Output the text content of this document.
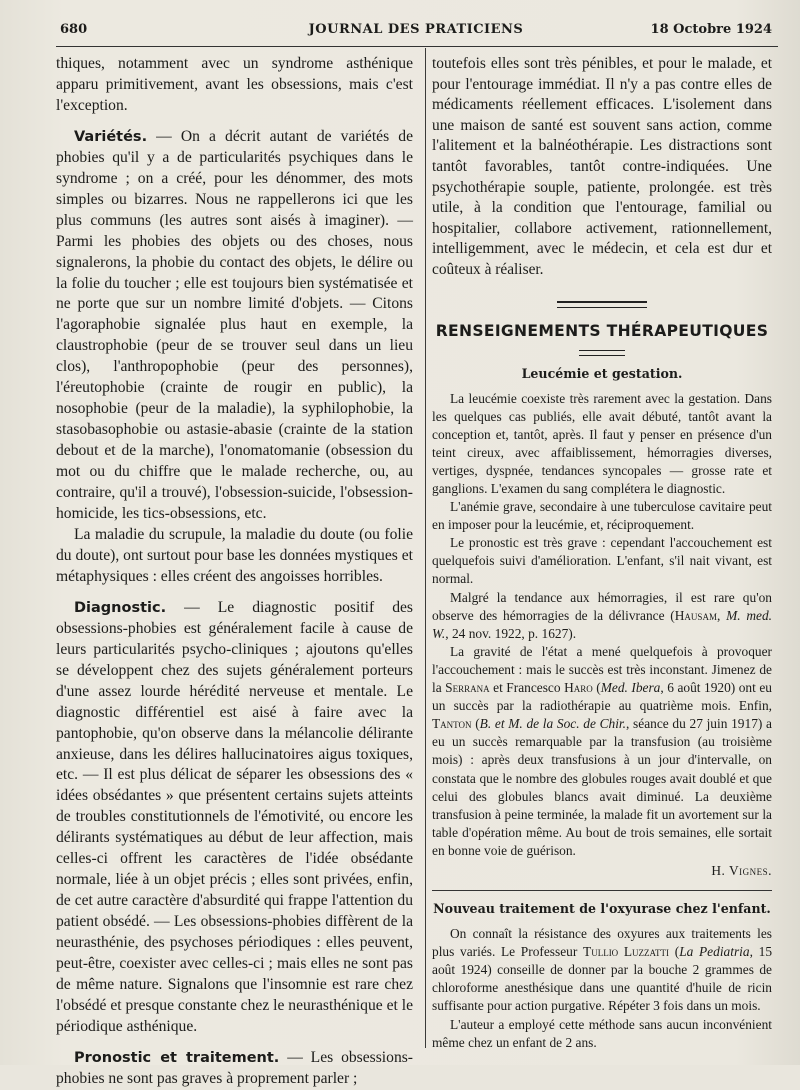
680	JOURNAL DES PRATICIENS	18 Octobre 1924

thiques, notamment avec un syndrome asthénique apparu primitivement, avant les obsessions, mais c'est l'exception.

Variétés. — On a décrit autant de variétés de phobies qu'il y a de particularités psychiques dans le syndrome ; on a créé, pour les dénommer, des mots simples ou bizarres. Nous ne rappellerons ici que les plus communs (les autres sont aisés à imaginer). — Parmi les phobies des objets ou des choses, nous signalerons, la phobie du contact des objets, le délire ou la folie du toucher ; elle est toujours bien systématisée et ne porte que sur un nombre limité d'objets. — Citons l'agoraphobie signalée plus haut en exemple, la claustrophobie (peur de se trouver seul dans un lieu clos), l'anthropophobie (peur des personnes), l'éreutophobie (crainte de rougir en public), la nosophobie (peur de la maladie), la syphilophobie, la stasobasophobie ou astasie-abasie (crainte de la station debout et de la marche), l'onomatomanie (obsession du mot ou du chiffre que le malade recherche, ou, au contraire, qu'il a trouvé), l'obsession-suicide, l'obsession-homicide, les tics-obsessions, etc.

La maladie du scrupule, la maladie du doute (ou folie du doute), ont surtout pour base les données mystiques et métaphysiques : elles créent des angoisses horribles.

Diagnostic. — Le diagnostic positif des obsessions-phobies est généralement facile à cause de leurs particularités psycho-cliniques ; ajoutons qu'elles se développent chez des sujets généralement porteurs d'une assez lourde hérédité nerveuse et mentale. Le diagnostic différentiel est aisé à faire avec la pantophobie, qu'on observe dans la mélancolie délirante anxieuse, dans les délires hallucinatoires aigus toxiques, etc. — Il est plus délicat de séparer les obsessions des « idées obsédantes » que présentent certains sujets atteints de troubles constitutionnels de l'émotivité, ou encore les délirants systématiques au début de leur affection, mais celles-ci offrent les caractères de l'idée obsédante normale, liée à un objet précis ; elles sont privées, enfin, de cet autre caractère d'absurdité qui frappe l'attention du patient obsédé. — Les obsessions-phobies diffèrent de la neurasthénie, des psychoses périodiques : elles peuvent, peut-être, coexister avec celles-ci ; mais elles ne sont pas de même nature. Signalons que l'insomnie est rare chez l'obsédé et presque constante chez le neurasthénique et le périodique asthénique.

Pronostic et traitement. — Les obsessions-phobies ne sont pas graves à proprement parler ;

toutefois elles sont très pénibles, et pour le malade, et pour l'entourage immédiat. Il n'y a pas contre elles de médicaments réellement efficaces. L'isolement dans une maison de santé est souvent sans action, comme l'alitement et la balnéothérapie. Les distractions sont tantôt favorables, tantôt contre-indiquées. Une psychothérapie souple, patiente, prolongée. est très utile, à la condition que l'entourage, familial ou hospitalier, collabore activement, rationnellement, intelligemment, avec le médecin, et cela est dur et coûteux à réaliser.

RENSEIGNEMENTS THÉRAPEUTIQUES
Leucémie et gestation.

La leucémie coexiste très rarement avec la gestation. Dans les quelques cas publiés, elle avait débuté, tantôt avant la conception et, tantôt, après. Il faut y penser en présence d'un teint cireux, avec affaiblissement, hémorragies diverses, vertiges, dyspnée, tendances syncopales — grosse rate et ganglions. L'examen du sang complétera le diagnostic.

L'anémie grave, secondaire à une tuberculose cavitaire peut en imposer pour la leucémie, et, réciproquement.

Le pronostic est très grave : cependant l'accouchement est quelquefois suivi d'amélioration. L'enfant, s'il nait vivant, est normal.

Malgré la tendance aux hémorragies, il est rare qu'on observe des hémorragies de la délivrance (Hausam, M. med. W., 24 nov. 1922, p. 1627).

La gravité de l'état a mené quelquefois à provoquer l'accouchement : mais le succès est très inconstant. Jimenez de la Serrana et Francesco Haro (Med. Ibera, 6 août 1920) ont eu un succès par la radiothérapie au quatrième mois. Enfin, Tanton (B. et M. de la Soc. de Chir., séance du 27 juin 1917) a eu un succès remarquable par la transfusion (au troisième mois) : après deux transfusions à un jour d'intervalle, on constata que le nombre des globules rouges avait doublé et que celui des globules blancs avait diminué. La deuxième transfusion à peine terminée, la malade fit un avortement sur la table d'opération même. Au bout de trois semaines, elle sortait en bonne voie de guérison.

H. Vignes.

Nouveau traitement de l'oxyurase chez l'enfant.

On connaît la résistance des oxyures aux traitements les plus variés. Le Professeur Tullio Luzzatti (La Pediatria, 15 août 1924) conseille de donner par la bouche 2 grammes de chloroforme anesthésique dans une quantité d'huile de ricin suffisante pour action purgative. Répéter 3 fois dans un mois.

L'auteur a employé cette méthode sans aucun inconvénient même chez un enfant de 2 ans.
